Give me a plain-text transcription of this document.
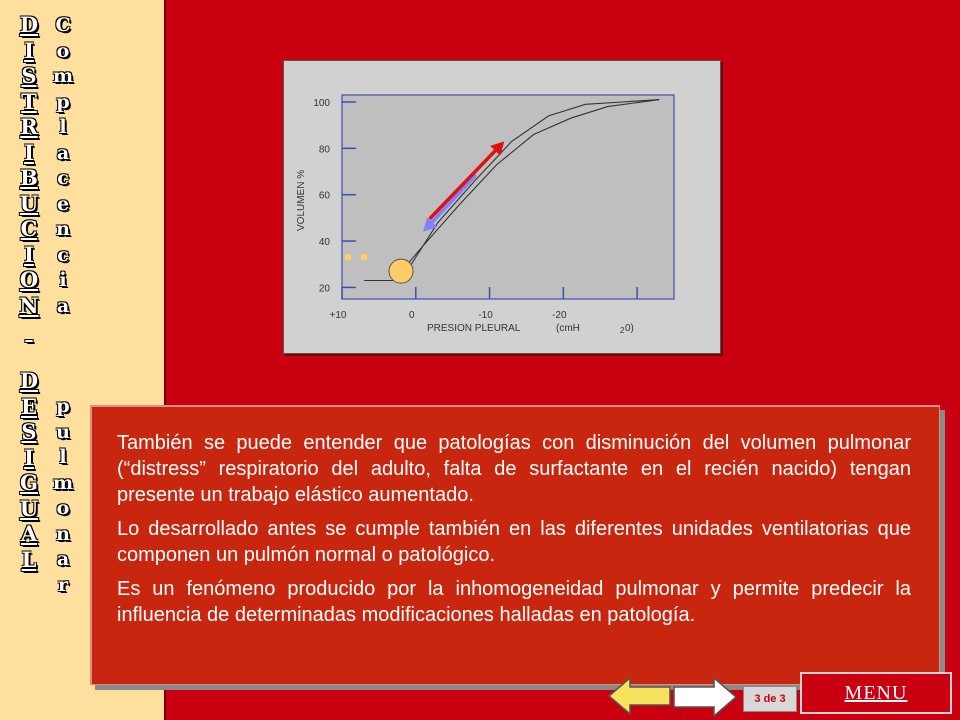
D
I
S
T
R
I
B
U
C
I
O
N

D
E
S
I
G
U
A
L
C
o
m
p
l
a
c
e
n
c
i
a

p
u
l
m
o
n
a
r
20
40
60
80
100
+10	0	-10	-20
VOLUMEN %
PRESION PLEURAL	(cmH	2 0)

También se puede entender que patologías con disminución del volumen pulmonar (“distress” respiratorio del adulto, falta de surfactante en el recién nacido) tengan presente un trabajo elástico aumentado.

Lo desarrollado antes se cumple también en las diferentes unidades ventilatorias que componen un pulmón normal o patológico.

Es un fenómeno producido por la inhomogeneidad pulmonar y permite predecir la influencia de determinadas modificaciones halladas en patología.

3 de 3	MENU
